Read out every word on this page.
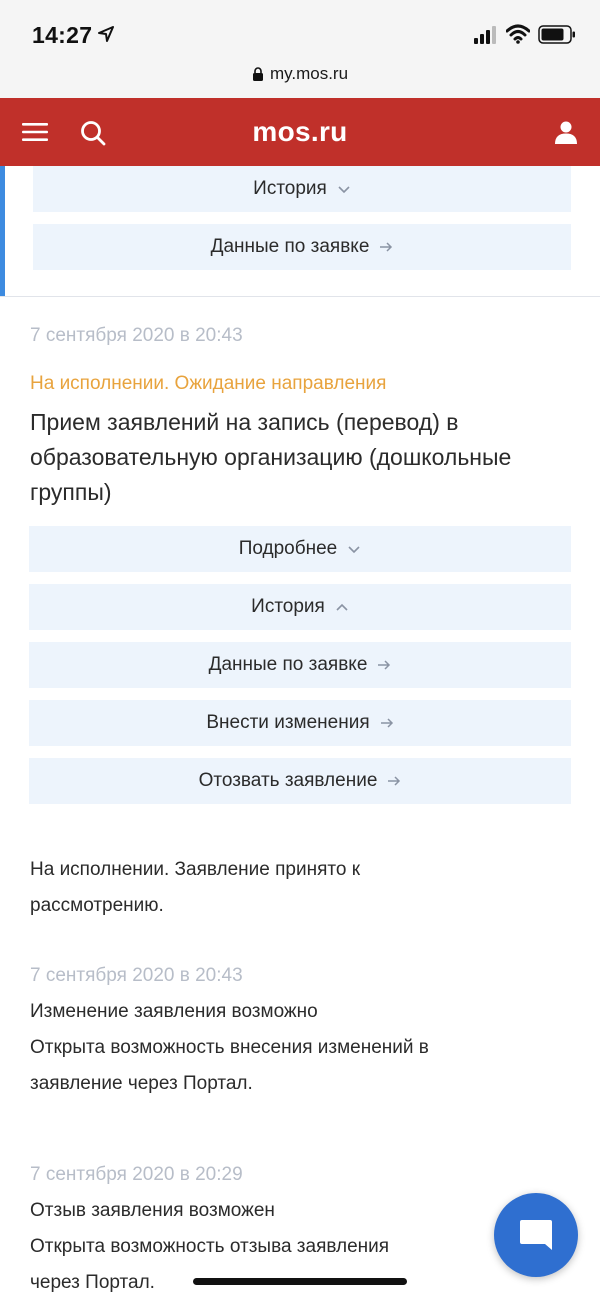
14:27
my.mos.ru
mos.ru
История
Данные по заявке
7 сентября 2020 в 20:43
На исполнении. Ожидание направления
Прием заявлений на запись (перевод) в образовательную организацию (дошкольные группы)
Подробнее
История
Данные по заявке
Внести изменения
Отозвать заявление
На исполнении. Заявление принято к рассмотрению.
7 сентября 2020 в 20:43
Изменение заявления возможно
Открыта возможность внесения изменений в заявление через Портал.
7 сентября 2020 в 20:29
Отзыв заявления возможен
Открыта возможность отзыва заявления через Портал.
